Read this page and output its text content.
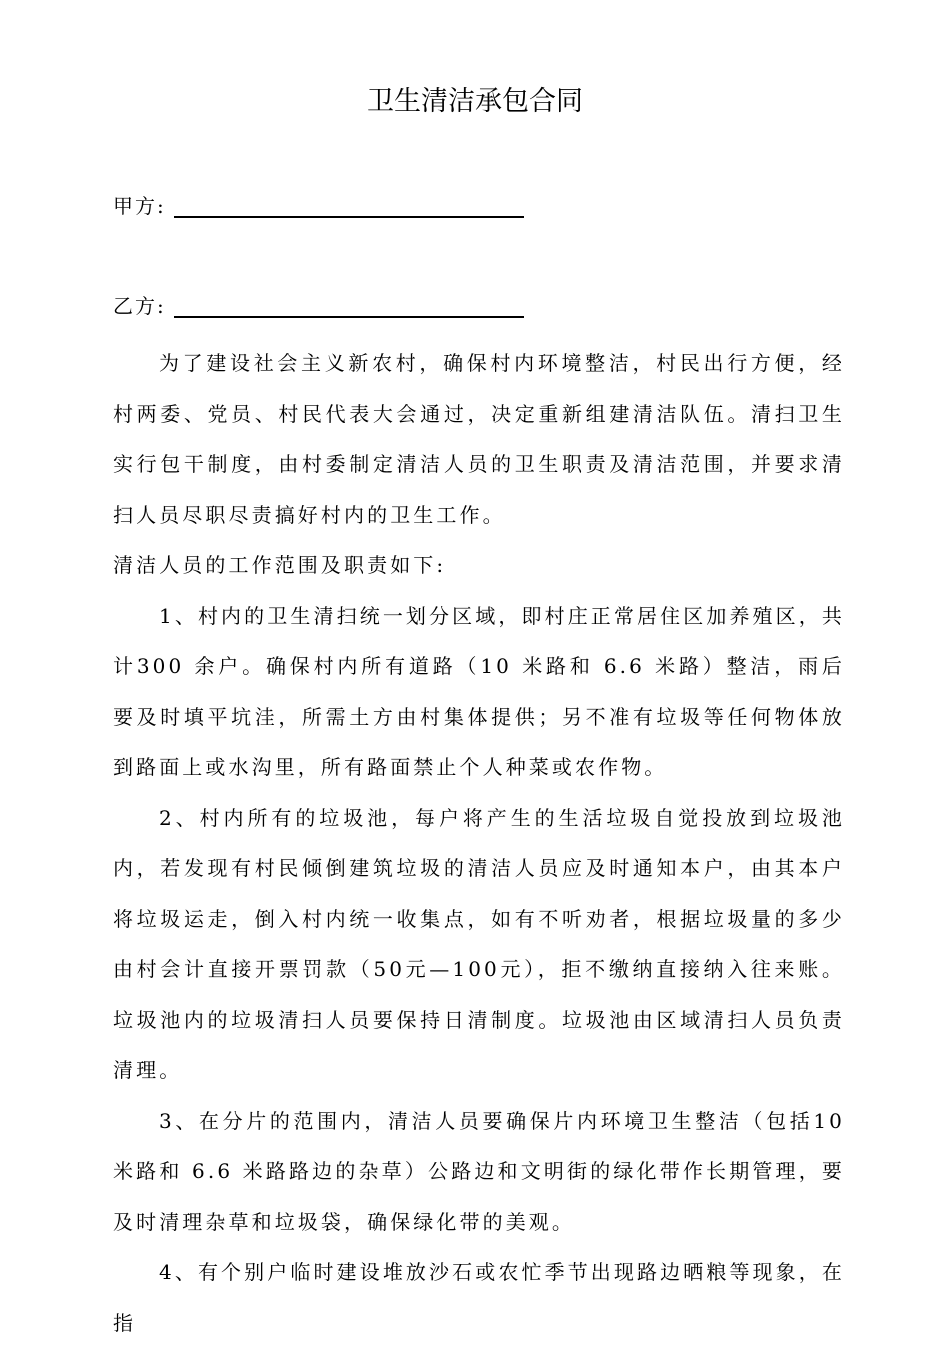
卫生清洁承包合同
甲方:
乙方:

为了建设社会主义新农村，确保村内环境整洁，村民出行方便，经村两委、党员、村民代表大会通过，决定重新组建清洁队伍。清扫卫生实行包干制度，由村委制定清洁人员的卫生职责及清洁范围，并要求清扫人员尽职尽责搞好村内的卫生工作。

清洁人员的工作范围及职责如下:

1、村内的卫生清扫统一划分区域，即村庄正常居住区加养殖区，共计300 余户。确保村内所有道路（10 米路和 6.6 米路）整洁，雨后要及时填平坑洼，所需土方由村集体提供；另不准有垃圾等任何物体放到路面上或水沟里，所有路面禁止个人种菜或农作物。

2、村内所有的垃圾池，每户将产生的生活垃圾自觉投放到垃圾池内，若发现有村民倾倒建筑垃圾的清洁人员应及时通知本户，由其本户将垃圾运走，倒入村内统一收集点，如有不听劝者，根据垃圾量的多少由村会计直接开票罚款（50元—100元），拒不缴纳直接纳入往来账。垃圾池内的垃圾清扫人员要保持日清制度。垃圾池由区域清扫人员负责清理。

3、在分片的范围内，清洁人员要确保片内环境卫生整洁（包括10 米路和 6.6 米路路边的杂草）公路边和文明街的绿化带作长期管理，要及时清理杂草和垃圾袋，确保绿化带的美观。

4、有个别户临时建设堆放沙石或农忙季节出现路边晒粮等现象，在指
